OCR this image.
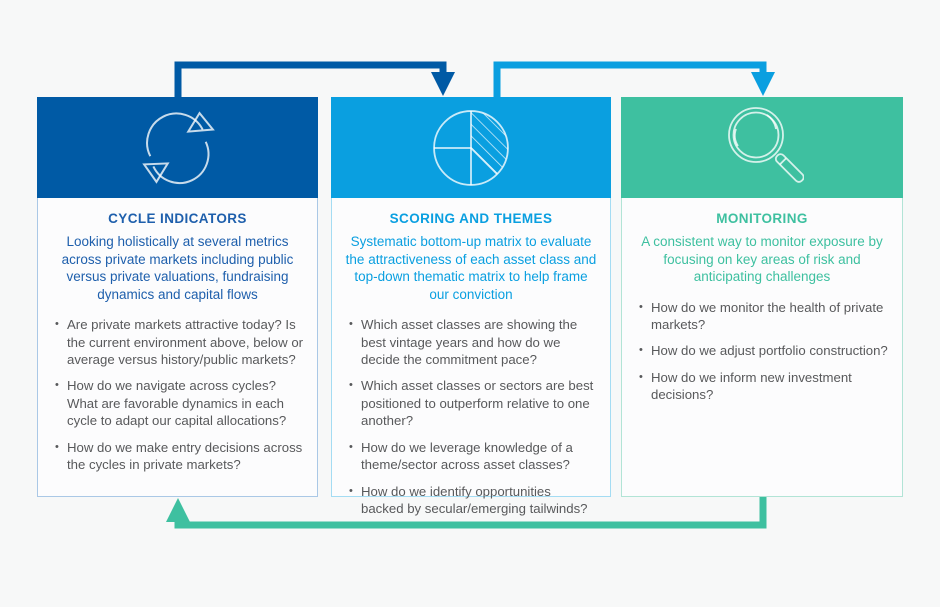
CYCLE INDICATORS

Looking holistically at several metrics across private markets including public versus private valuations, fundraising dynamics and capital flows

• Are private markets attractive today? Is the current environment above, below or average versus history/public markets?
• How do we navigate across cycles? What are favorable dynamics in each cycle to adapt our capital allocations?
• How do we make entry decisions across the cycles in private markets?
SCORING AND THEMES

Systematic bottom-up matrix to evaluate the attractiveness of each asset class and top-down thematic matrix to help frame our conviction

• Which asset classes are showing the best vintage years and how do we decide the commitment pace?
• Which asset classes or sectors are best positioned to outperform relative to one another?
• How do we leverage knowledge of a theme/sector across asset classes?
• How do we identify opportunities backed by secular/emerging tailwinds?
MONITORING

A consistent way to monitor exposure by focusing on key areas of risk and anticipating challenges

• How do we monitor the health of private markets?
• How do we adjust portfolio construction?
• How do we inform new investment decisions?
